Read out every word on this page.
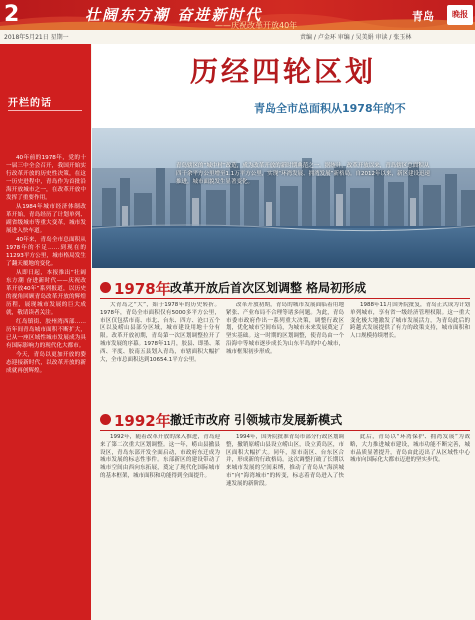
2	壮阔东方潮 奋进新时代
——庆祝改革开放40年
青岛	晚报
2018年5月21日 星期一	责编 / 卢金环 审编 / 吴美娟 审读 / 张玉林
开栏的话

40年前的1978年，党的十一届三中全会召开，我国开始实行改革开放的历史性决策，在这一历史进程中，青岛作为首批沿海开放城市之一，在改革开放中发挥了重要作用。

从1984年城市经济体制改革开始，青岛经历了计划单列、副省级城市等重大变革，城市发展进入快车道。

40年来，青岛全市总面积从1978年的不足……到现在的11293平方公里，城市格局发生了翻天覆地的变化。

从即日起，本报推出“壮阔东方潮 奋进新时代——庆祝改革开放40年”系列报道，以历史的视角回顾青岛改革开放的辉煌历程，展现城市发展的巨大成就，敬请读者关注。

红岛镇街、胶州湾西部……历年间青岛城市面积不断扩大，已从一座区域性城市发展成为具有国际影响力的现代化大都市。

今天，青岛以更加开放的姿态迎接新时代，以改革开放的新成就再创辉煌。

历经四轮区划
青岛全市总面积从1978年的不
青岛辖区的“城中村”改造，成为改革开放的新时期典范之一。据统计，改革开放以来，青岛辖区总面积从四千余平方公里增至1.1万平方公里，实现“环湾发展、拥湾发展”新格局。自2012年以来，新区建设迅速推进，城市面貌发生显著变化。
1978年 改革开放后首次区划调整 格局初形成

大青岛之“大”，始于1978年的历史转折。1978年，青岛全市面积仅有5000多平方公里，市区仅包括市南、市北、台东、四方、沧口五个区以及崂山县部分区域，城市建设用地十分有限。改革开放初期，青岛第一次区划调整拉开了城市发展的序幕。1978年11月，胶县、即墨、莱西、平度、胶南五县划入青岛，市辖面积大幅扩大，全市总面积达到10654.1平方公里。

改革开放初期，青岛的城市发展面临着用地紧张、产业布局不合理等诸多问题。为此，青岛市委市政府作出一系列重大决策，调整行政区划，优化城市空间布局，为城市未来发展奠定了坚实基础。这一时期的区划调整，使青岛由一个沿海中等城市逐步成长为山东半岛的中心城市，城市框架初步形成。

1988年11月国务院批复，青岛正式成为计划单列城市，享有省一级经济管理权限。这一重大变化极大地激发了城市发展活力，为青岛此后的跨越式发展提供了有力的政策支持，城市面积和人口规模持续增长。

1992年 撤迁市改府 引领城市发展新模式

1992年，随着改革开放的深入推进，青岛迎来了第二次重大区划调整。这一年，崂山县撤县设区，青岛东部开发全面启动，市政府东迁成为城市发展的标志性事件。东部新区的建设带动了城市空间由西向东拓展，奠定了现代化国际城市的基本框架，城市面积和功能得到全面提升。

1994年，国务院批准青岛市部分行政区划调整，撤销原崂山县设立崂山区，设立黄岛区，市区面积大幅扩大。同年，原市南区、台东区合并，形成新的行政格局。这次调整打破了长期以来城市发展的空间束缚，推动了青岛从“海滨城市”向“海湾城市”的转变，标志着青岛进入了快速发展的新阶段。

此后，青岛以“环湾保护、拥湾发展”为战略，大力推进城市建设，城市功能不断完善，城市品质显著提升，青岛由此迈出了从区域性中心城市向国际化大都市迈进的坚实步伐。
